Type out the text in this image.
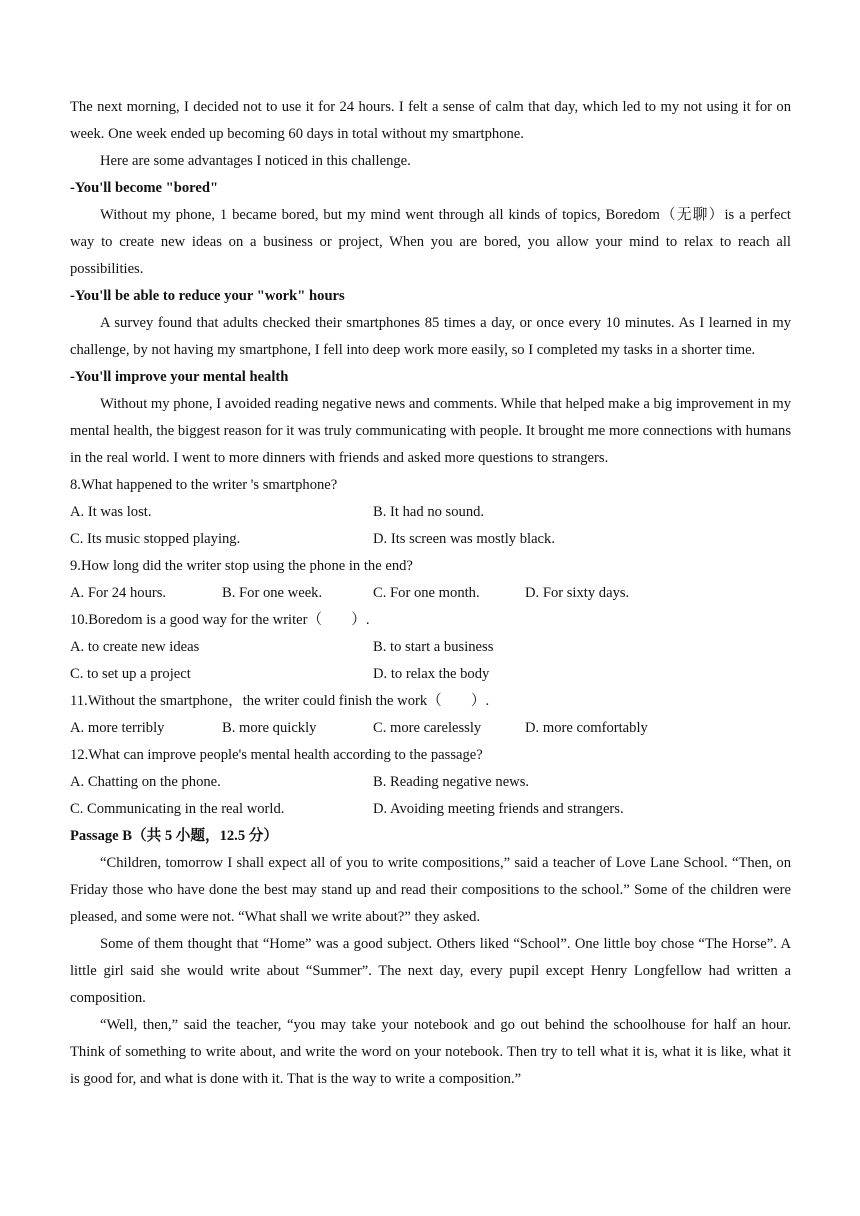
The next morning, I decided not to use it for 24 hours. I felt a sense of calm that day, which led to my not using it for on week. One week ended up becoming 60 days in total without my smartphone.

Here are some advantages I noticed in this challenge.

-You'll become "bored"

Without my phone, 1 became bored, but my mind went through all kinds of topics, Boredom（无聊）is a perfect way to create new ideas on a business or project, When you are bored, you allow your mind to relax to reach all possibilities.

-You'll be able to reduce your "work" hours

A survey found that adults checked their smartphones 85 times a day, or once every 10 minutes. As I learned in my challenge, by not having my smartphone, I fell into deep work more easily, so I completed my tasks in a shorter time.

-You'll improve your mental health

Without my phone, I avoided reading negative news and comments. While that helped make a big improvement in my mental health, the biggest reason for it was truly communicating with people. It brought me more connections with humans in the real world. I went to more dinners with friends and asked more questions to strangers.

8.What happened to the writer 's smartphone?

A. It was lost.	B. It had no sound.
C. Its music stopped playing.	D. Its screen was mostly black.

9.How long did the writer stop using the phone in the end?

A. For 24 hours.	B. For one week.	C. For one month.	D. For sixty days.

10.Boredom is a good way for the writer（　　）.

A. to create new ideas	B. to start a business
C. to set up a project	D. to relax the body

11.Without the smartphone，the writer could finish the work（　　）.

A. more terribly	B. more quickly	C. more carelessly	D. more comfortably

12.What can improve people's mental health according to the passage?

A. Chatting on the phone.	B. Reading negative news.
C. Communicating in the real world.	D. Avoiding meeting friends and strangers.

Passage B（共 5 小题，12.5 分）

“Children, tomorrow I shall expect all of you to write compositions,” said a teacher of Love Lane School. “Then, on Friday those who have done the best may stand up and read their compositions to the school.” Some of the children were pleased, and some were not. “What shall we write about?” they asked.

Some of them thought that “Home” was a good subject. Others liked “School”. One little boy chose “The Horse”. A little girl said she would write about “Summer”. The next day, every pupil except Henry Longfellow had written a composition.

“Well, then,” said the teacher, “you may take your notebook and go out behind the schoolhouse for half an hour. Think of something to write about, and write the word on your notebook. Then try to tell what it is, what it is like, what it is good for, and what is done with it. That is the way to write a composition.”
